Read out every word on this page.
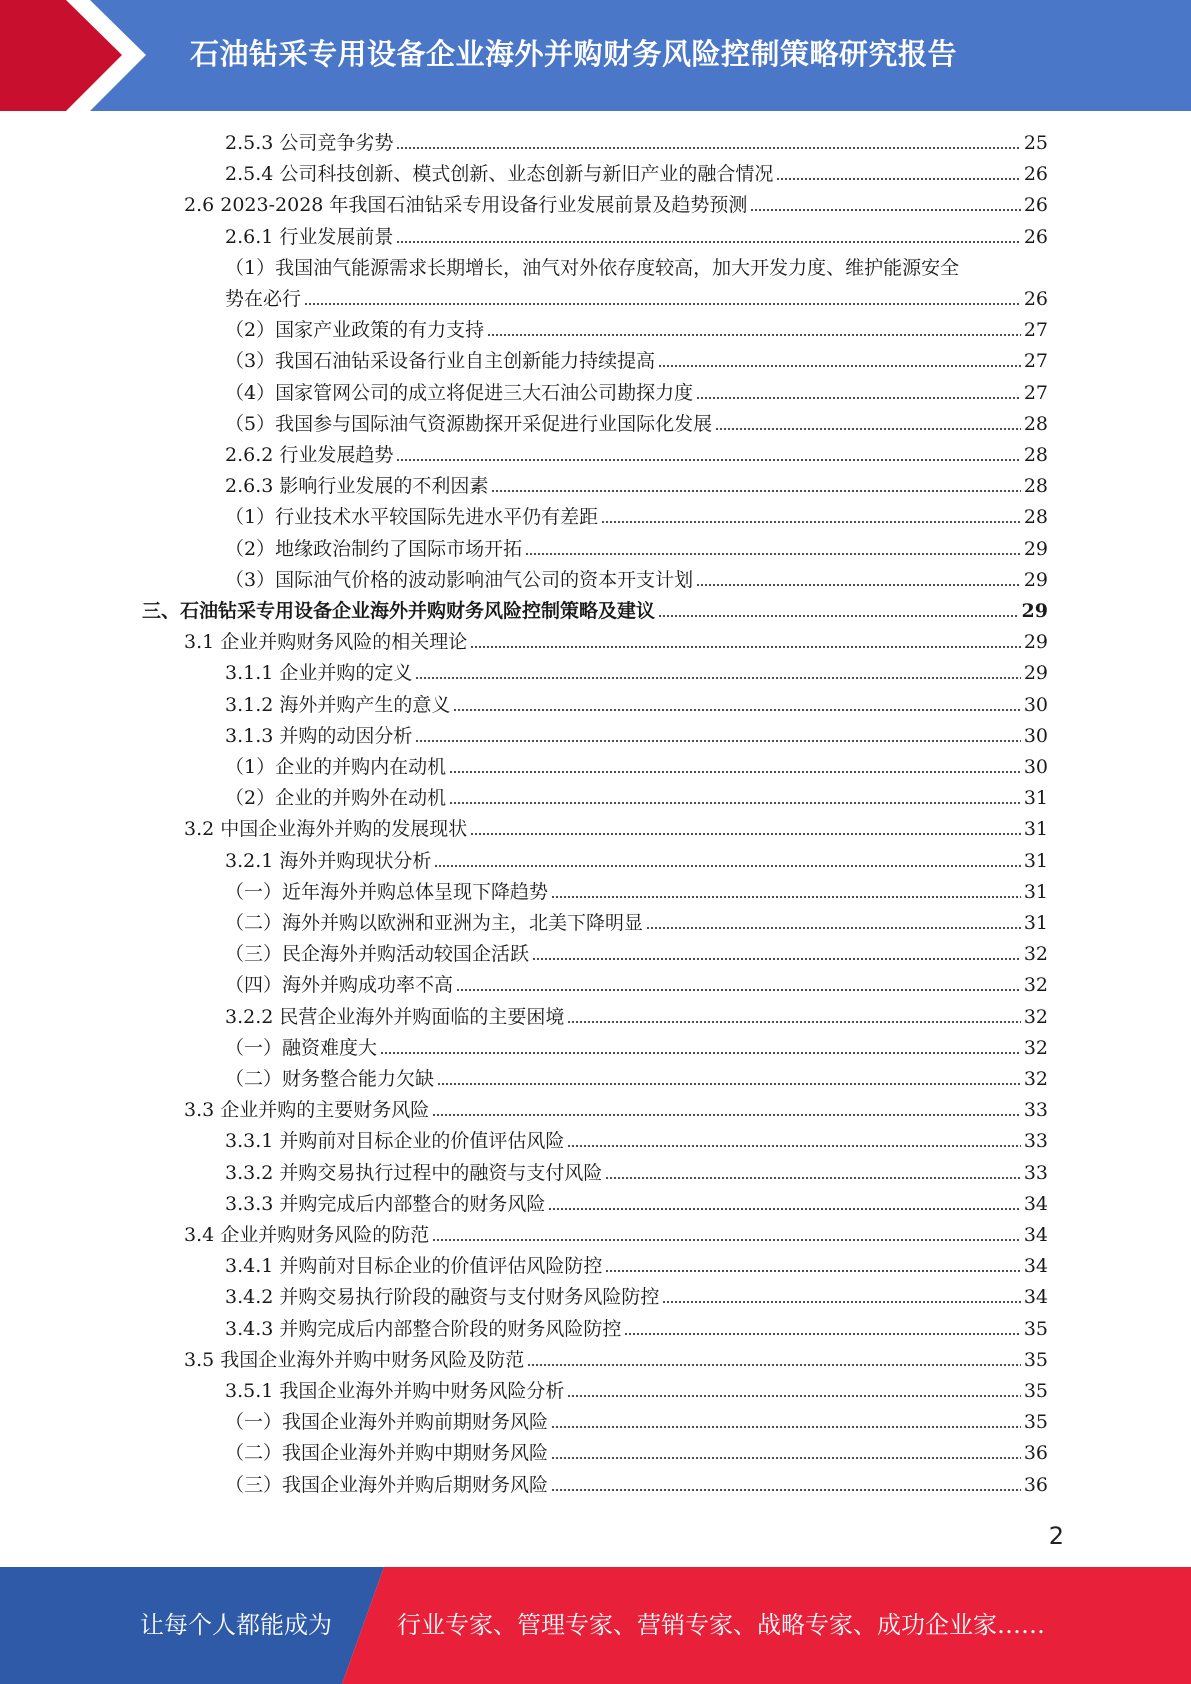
石油钻采专用设备企业海外并购财务风险控制策略研究报告
2.5.3 公司竞争劣势	25
2.5.4 公司科技创新、模式创新、业态创新与新旧产业的融合情况	26
2.6 2023-2028 年我国石油钻采专用设备行业发展前景及趋势预测	26
2.6.1 行业发展前景	26
（1）我国油气能源需求长期增长，油气对外依存度较高，加大开发力度、维护能源安全
势在必行	26
（2）国家产业政策的有力支持	27
（3）我国石油钻采设备行业自主创新能力持续提高	27
（4）国家管网公司的成立将促进三大石油公司勘探力度	27
（5）我国参与国际油气资源勘探开采促进行业国际化发展	28
2.6.2 行业发展趋势	28
2.6.3 影响行业发展的不利因素	28
（1）行业技术水平较国际先进水平仍有差距	28
（2）地缘政治制约了国际市场开拓	29
（3）国际油气价格的波动影响油气公司的资本开支计划	29
三、石油钻采专用设备企业海外并购财务风险控制策略及建议	29
3.1 企业并购财务风险的相关理论	29
3.1.1 企业并购的定义	29
3.1.2 海外并购产生的意义	30
3.1.3 并购的动因分析	30
（1）企业的并购内在动机	30
（2）企业的并购外在动机	31
3.2 中国企业海外并购的发展现状	31
3.2.1 海外并购现状分析	31
（一）近年海外并购总体呈现下降趋势	31
（二）海外并购以欧洲和亚洲为主，北美下降明显	31
（三）民企海外并购活动较国企活跃	32
（四）海外并购成功率不高	32
3.2.2 民营企业海外并购面临的主要困境	32
（一）融资难度大	32
（二）财务整合能力欠缺	32
3.3 企业并购的主要财务风险	33
3.3.1 并购前对目标企业的价值评估风险	33
3.3.2 并购交易执行过程中的融资与支付风险	33
3.3.3 并购完成后内部整合的财务风险	34
3.4 企业并购财务风险的防范	34
3.4.1 并购前对目标企业的价值评估风险防控	34
3.4.2 并购交易执行阶段的融资与支付财务风险防控	34
3.4.3 并购完成后内部整合阶段的财务风险防控	35
3.5 我国企业海外并购中财务风险及防范	35
3.5.1 我国企业海外并购中财务风险分析	35
（一）我国企业海外并购前期财务风险	35
（二）我国企业海外并购中期财务风险	36
（三）我国企业海外并购后期财务风险	36
2
让每个人都能成为	行业专家、管理专家、营销专家、战略专家、成功企业家……
